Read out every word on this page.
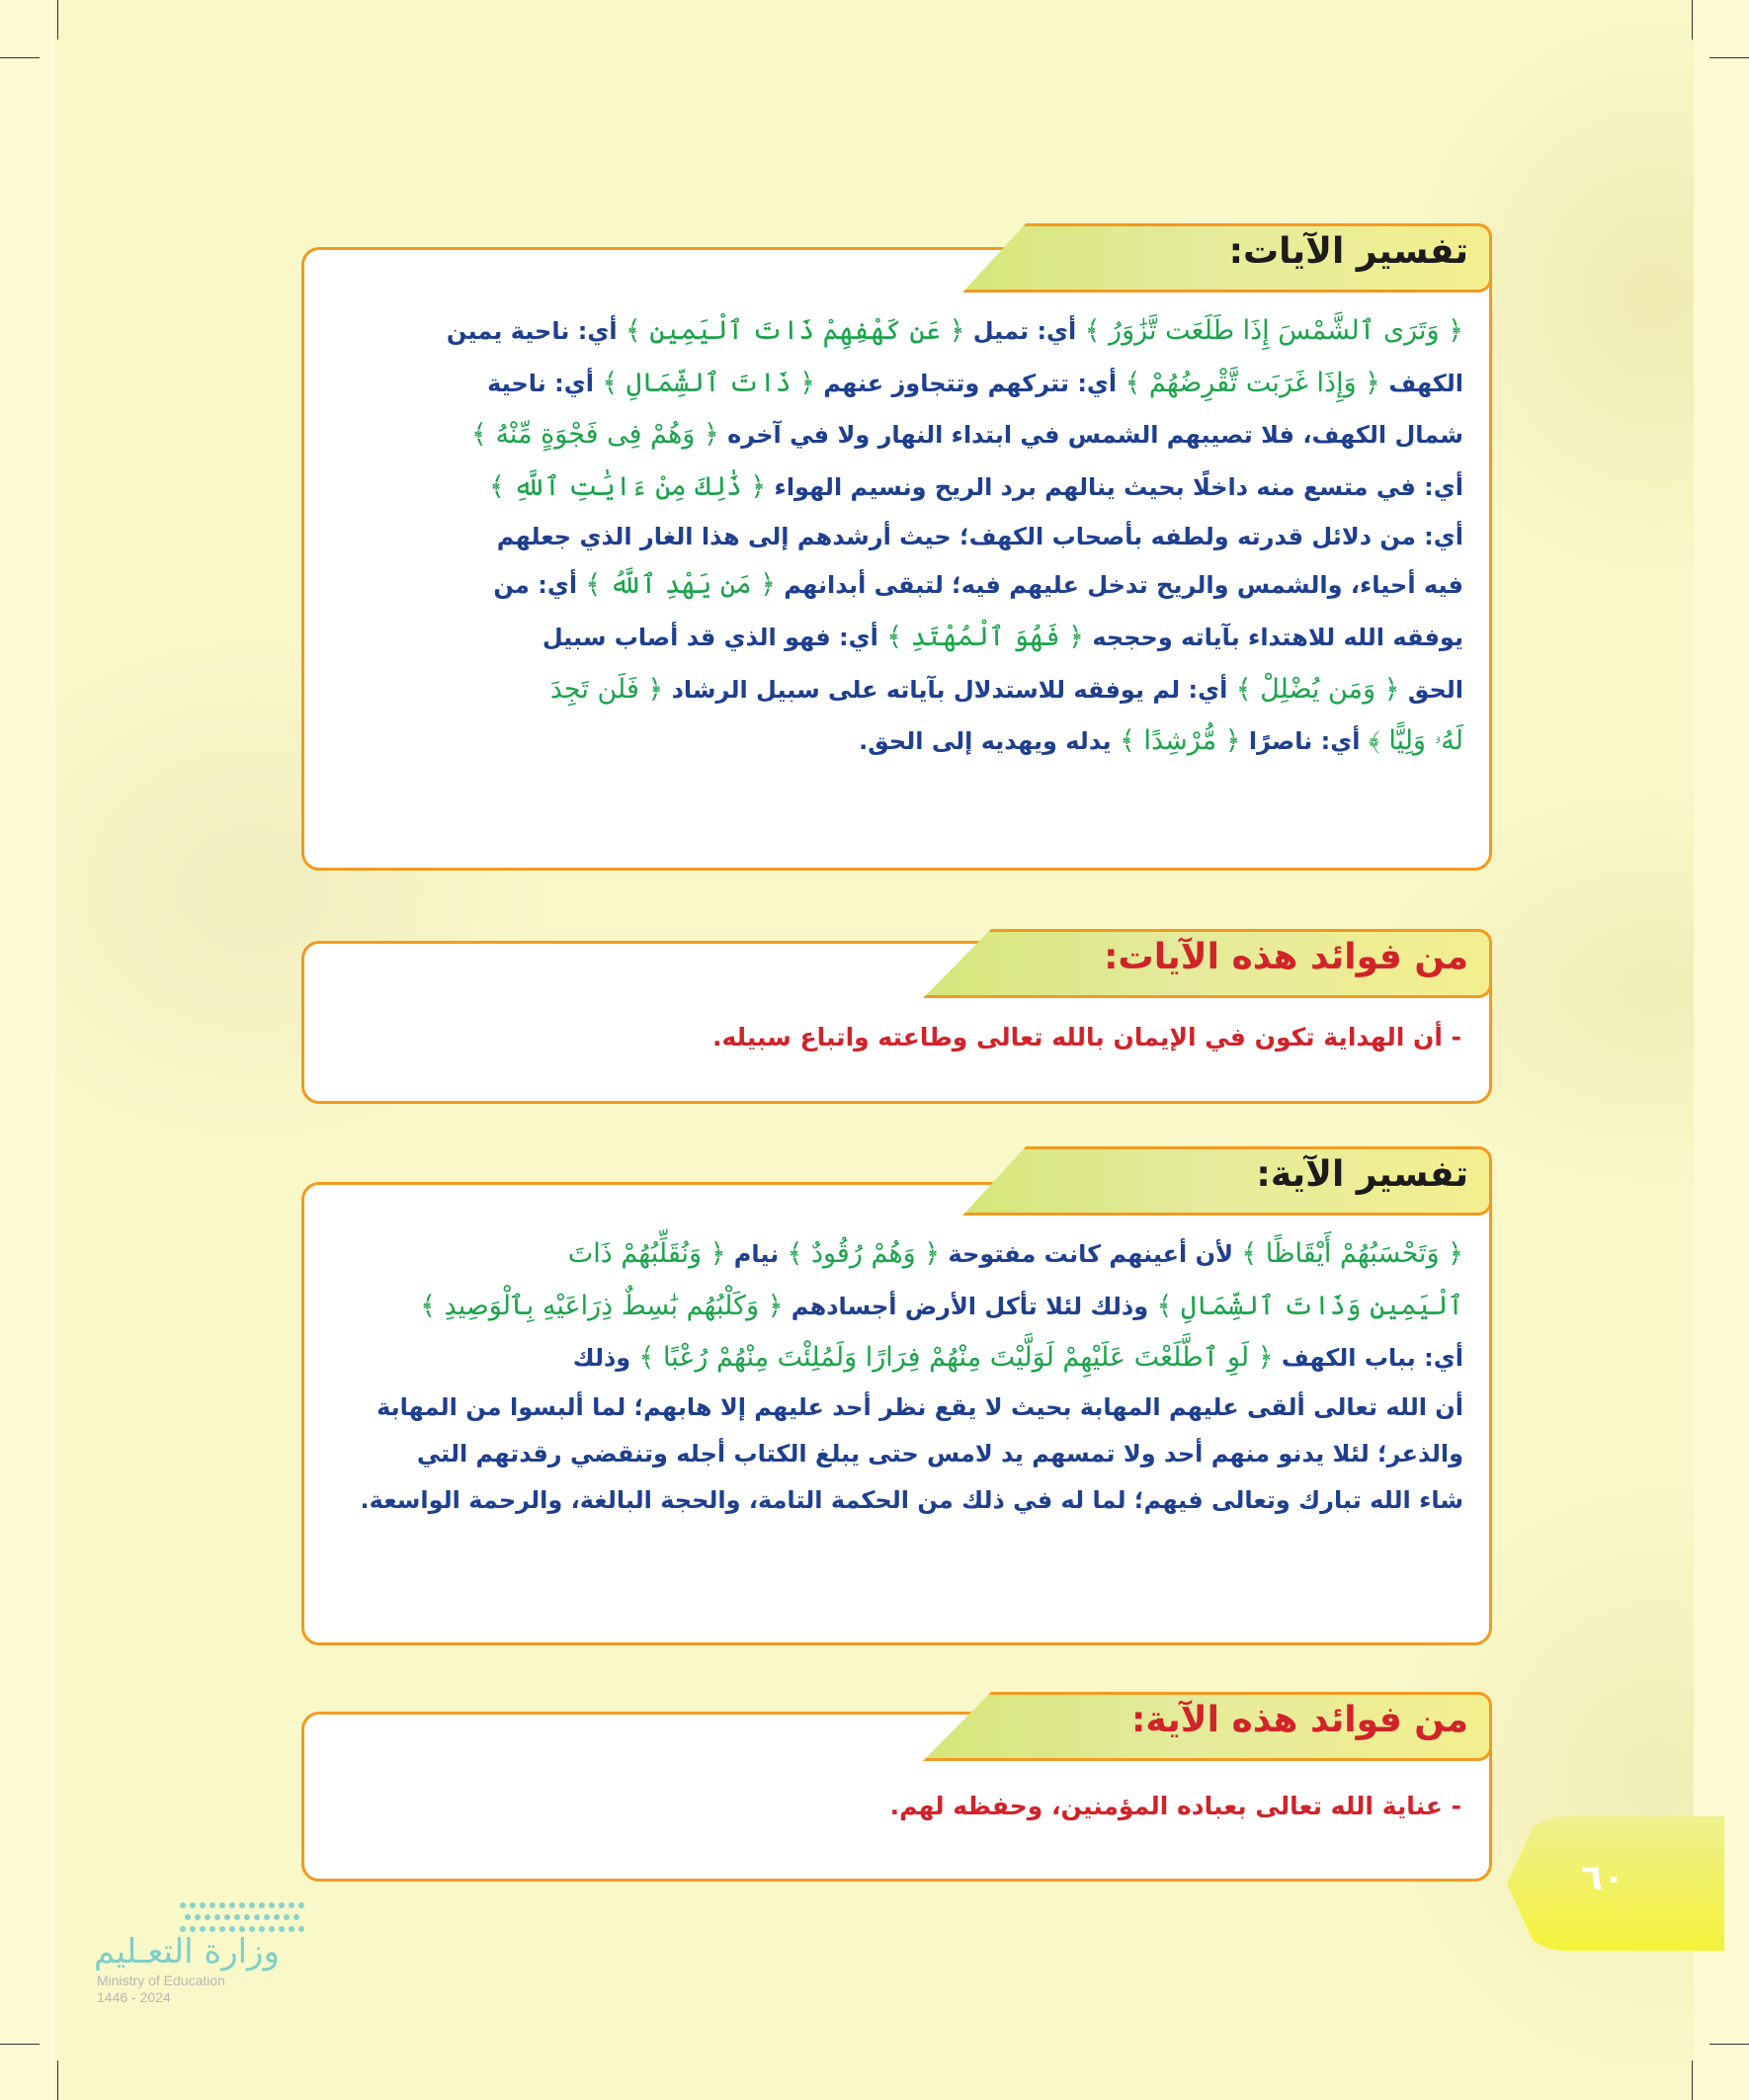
﴿ وَتَرَى ٱلشَّمْسَ إِذَا طَلَعَت تَّزَٰوَرُ ﴾ أي: تميل ﴿ عَن كَهْفِهِمْ ذَاتَ ٱلْيَمِينِ ﴾ أي: ناحية يمين
الكهف ﴿ وَإِذَا غَرَبَت تَّقْرِضُهُمْ ﴾ أي: تتركهم وتتجاوز عنهم ﴿ ذَاتَ ٱلشِّمَالِ ﴾ أي: ناحية
شمال الكهف، فلا تصيبهم الشمس في ابتداء النهار ولا في آخره ﴿ وَهُمْ فِى فَجْوَةٍ مِّنْهُ ﴾
أي: في متسع منه داخلًا بحيث ينالهم برد الريح ونسيم الهواء ﴿ ذَٰلِكَ مِنْ ءَايَٰتِ ٱللَّهِ ﴾
أي: من دلائل قدرته ولطفه بأصحاب الكهف؛ حيث أرشدهم إلى هذا الغار الذي جعلهم
فيه أحياء، والشمس والريح تدخل عليهم فيه؛ لتبقى أبدانهم ﴿ مَن يَهْدِ ٱللَّهُ ﴾ أي: من
يوفقه الله للاهتداء بآياته وحججه ﴿ فَهُوَ ٱلْمُهْتَدِ ﴾ أي: فهو الذي قد أصاب سبيل
الحق ﴿ وَمَن يُضْلِلْ ﴾ أي: لم يوفقه للاستدلال بآياته على سبيل الرشاد ﴿ فَلَن تَجِدَ
لَهُۥ وَلِيًّا ﴾ أي: ناصرًا ﴿ مُّرْشِدًا ﴾ يدله ويهديه إلى الحق.
تفسير الآيات:
- أن الهداية تكون في الإيمان بالله تعالى وطاعته واتباع سبيله.
من فوائد هذه الآيات:
﴿ وَتَحْسَبُهُمْ أَيْقَاظًا ﴾ لأن أعينهم كانت مفتوحة ﴿ وَهُمْ رُقُودٌ ﴾ نيام ﴿ وَنُقَلِّبُهُمْ ذَاتَ
ٱلْيَمِينِ وَذَاتَ ٱلشِّمَالِ ﴾ وذلك لئلا تأكل الأرض أجسادهم ﴿ وَكَلْبُهُم بَٰسِطٌ ذِرَاعَيْهِ بِٱلْوَصِيدِ ﴾
أي: بباب الكهف ﴿ لَوِ ٱطَّلَعْتَ عَلَيْهِمْ لَوَلَّيْتَ مِنْهُمْ فِرَارًا وَلَمُلِئْتَ مِنْهُمْ رُعْبًا ﴾ وذلك
أن الله تعالى ألقى عليهم المهابة بحيث لا يقع نظر أحد عليهم إلا هابهم؛ لما ألبسوا من المهابة
والذعر؛ لئلا يدنو منهم أحد ولا تمسهم يد لامس حتى يبلغ الكتاب أجله وتنقضي رقدتهم التي
شاء الله تبارك وتعالى فيهم؛ لما له في ذلك من الحكمة التامة، والحجة البالغة، والرحمة الواسعة.
تفسير الآية:
- عناية الله تعالى بعباده المؤمنين، وحفظه لهم.
من فوائد هذه الآية:
٦٠
وزارة التعـليم
Ministry of Education
2024 - 1446
